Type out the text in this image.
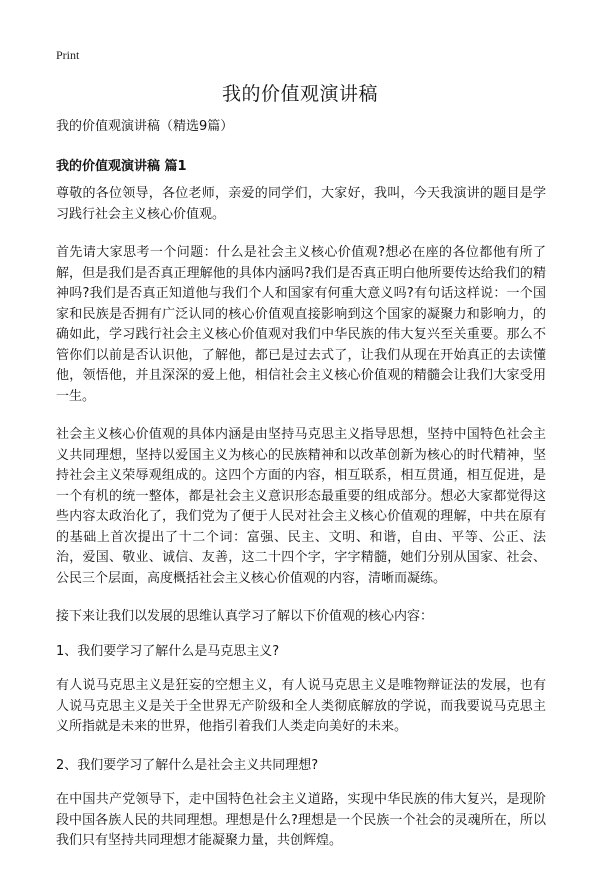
Print
我的价值观演讲稿

我的价值观演讲稿（精选9篇）

我的价值观演讲稿 篇1

尊敬的各位领导，各位老师，亲爱的同学们，大家好，我叫，今天我演讲的题目是学习践行社会主义核心价值观。

首先请大家思考一个问题：什么是社会主义核心价值观?想必在座的各位都他有所了解，但是我们是否真正理解他的具体内涵吗?我们是否真正明白他所要传达给我们的精神吗?我们是否真正知道他与我们个人和国家有何重大意义吗?有句话这样说：一个国家和民族是否拥有广泛认同的核心价值观直接影响到这个国家的凝聚力和影响力，的确如此，学习践行社会主义核心价值观对我们中华民族的伟大复兴至关重要。那么不管你们以前是否认识他，了解他，都已是过去式了，让我们从现在开始真正的去读懂他，领悟他，并且深深的爱上他，相信社会主义核心价值观的精髓会让我们大家受用一生。

社会主义核心价值观的具体内涵是由坚持马克思主义指导思想，坚持中国特色社会主义共同理想，坚持以爱国主义为核心的民族精神和以改革创新为核心的时代精神，坚持社会主义荣辱观组成的。这四个方面的内容，相互联系，相互贯通，相互促进，是一个有机的统一整体，都是社会主义意识形态最重要的组成部分。想必大家都觉得这些内容太政治化了，我们党为了便于人民对社会主义核心价值观的理解，中共在原有的基础上首次提出了十二个词：富强、民主、文明、和谐，自由、平等、公正、法治，爱国、敬业、诚信、友善，这二十四个字，字字精髓，她们分别从国家、社会、公民三个层面，高度概括社会主义核心价值观的内容，清晰而凝练。

接下来让我们以发展的思维认真学习了解以下价值观的核心内容：

1、我们要学习了解什么是马克思主义?

有人说马克思主义是狂妄的空想主义，有人说马克思主义是唯物辩证法的发展，也有人说马克思主义是关于全世界无产阶级和全人类彻底解放的学说，而我要说马克思主义所指就是未来的世界，他指引着我们人类走向美好的未来。

2、我们要学习了解什么是社会主义共同理想?

在中国共产党领导下，走中国特色社会主义道路，实现中华民族的伟大复兴，是现阶段中国各族人民的共同理想。理想是什么?理想是一个民族一个社会的灵魂所在，所以我们只有坚持共同理想才能凝聚力量，共创辉煌。
